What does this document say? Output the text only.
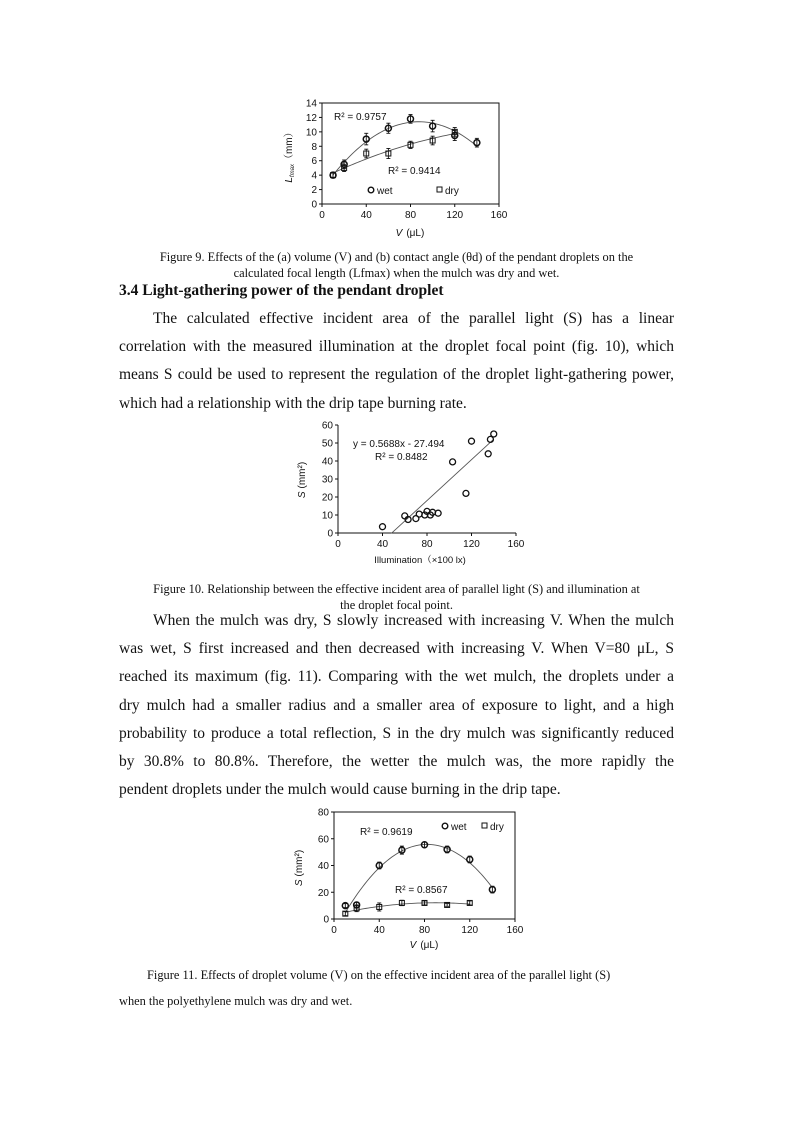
0
2
4
6
8
10
12
14
0	40	80	120	160
$L_{fmax}(mm)$
V (μL)
R² = 0.9757
R² = 0.9414
wet	dry
Figure 9. Effects of the (a) volume (V) and (b) contact angle (θd) of the pendant droplets on the
calculated focal length (Lfmax) when the mulch was dry and wet.
3.4 Light-gathering power of the pendant droplet
The calculated effective incident area of the parallel light (S) has a linear
correlation with the measured illumination at the droplet focal point (fig. 10), which
means S could be used to represent the regulation of the droplet light-gathering power,
which had a relationship with the drip tape burning rate.
0
10
20
30
40
50
60
0	40	80	120	160
S(mm²)
Illumination（×100 lx)
y = 0.5688x - 27.494
R² = 0.8482
Figure 10. Relationship between the effective incident area of parallel light (S) and illumination at
the droplet focal point.
When the mulch was dry, S slowly increased with increasing V. When the mulch
was wet, S first increased and then decreased with increasing V. When V=80 μL, S
reached its maximum (fig. 11). Comparing with the wet mulch, the droplets under a
dry mulch had a smaller radius and a smaller area of exposure to light, and a high
probability to produce a total reflection, S in the dry mulch was significantly reduced
by 30.8% to 80.8%. Therefore, the wetter the mulch was, the more rapidly the
pendent droplets under the mulch would cause burning in the drip tape.
0
20
40
60
80
0	40	80	120	160
S(mm²)
V (μL)
R² = 0.9619
R² = 0.8567
wet dry
Figure 11. Effects of droplet volume (V) on the effective incident area of the parallel light (S)
when the polyethylene mulch was dry and wet.
